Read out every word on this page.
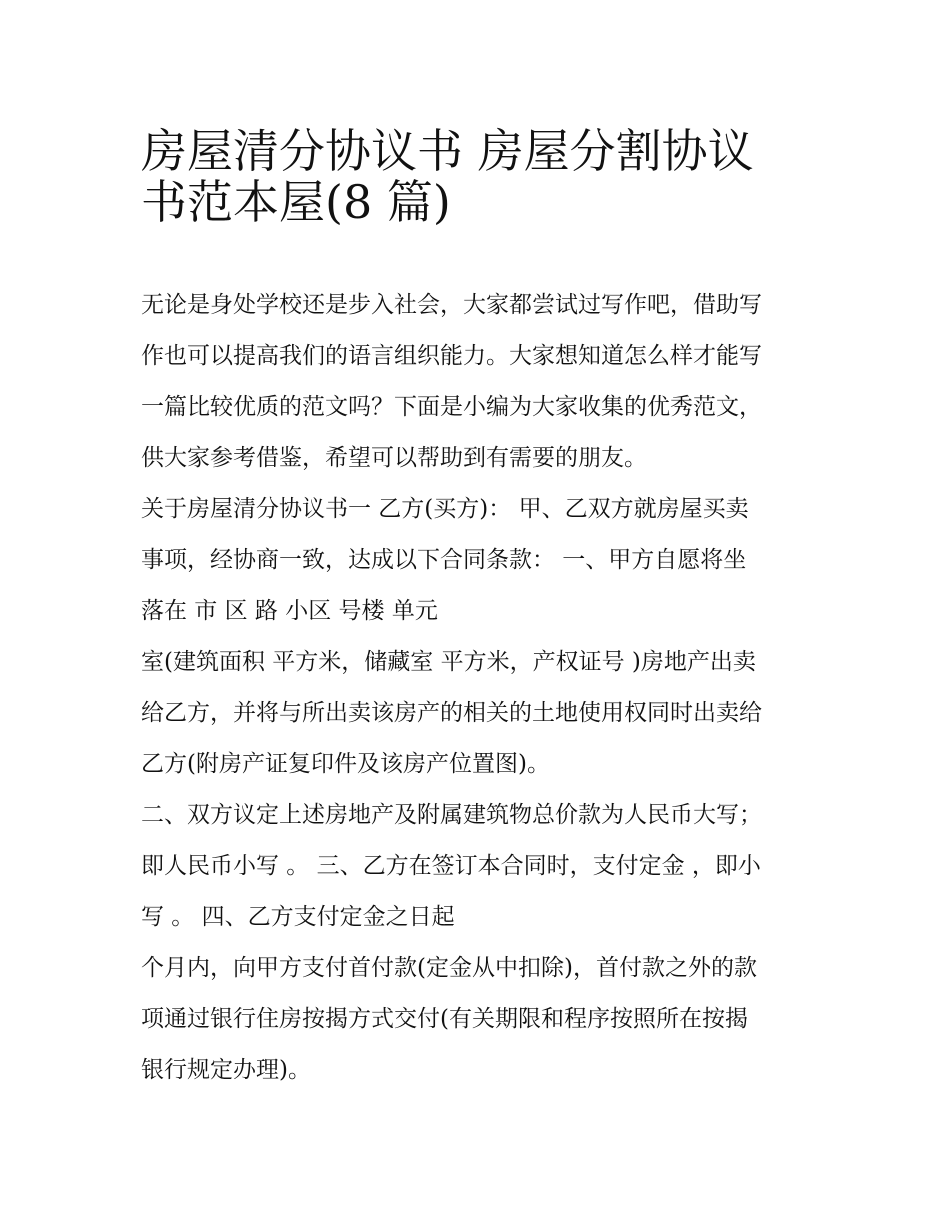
房屋清分协议书 房屋分割协议
书范本屋(8 篇)
无论是身处学校还是步入社会，大家都尝试过写作吧，借助写
作也可以提高我们的语言组织能力。大家想知道怎么样才能写
一篇比较优质的范文吗？下面是小编为大家收集的优秀范文，
供大家参考借鉴，希望可以帮助到有需要的朋友。
关于房屋清分协议书一 乙方(买方)： 甲、乙双方就房屋买卖
事项，经协商一致，达成以下合同条款： 一、甲方自愿将坐
落在 市 区 路 小区 号楼 单元
室(建筑面积 平方米，储藏室 平方米，产权证号 )房地产出卖
给乙方，并将与所出卖该房产的相关的土地使用权同时出卖给
乙方(附房产证复印件及该房产位置图)。
二、双方议定上述房地产及附属建筑物总价款为人民币大写；
即人民币小写 。 三、乙方在签订本合同时，支付定金 ，即小
写 。 四、乙方支付定金之日起
个月内，向甲方支付首付款(定金从中扣除)，首付款之外的款
项通过银行住房按揭方式交付(有关期限和程序按照所在按揭
银行规定办理)。
